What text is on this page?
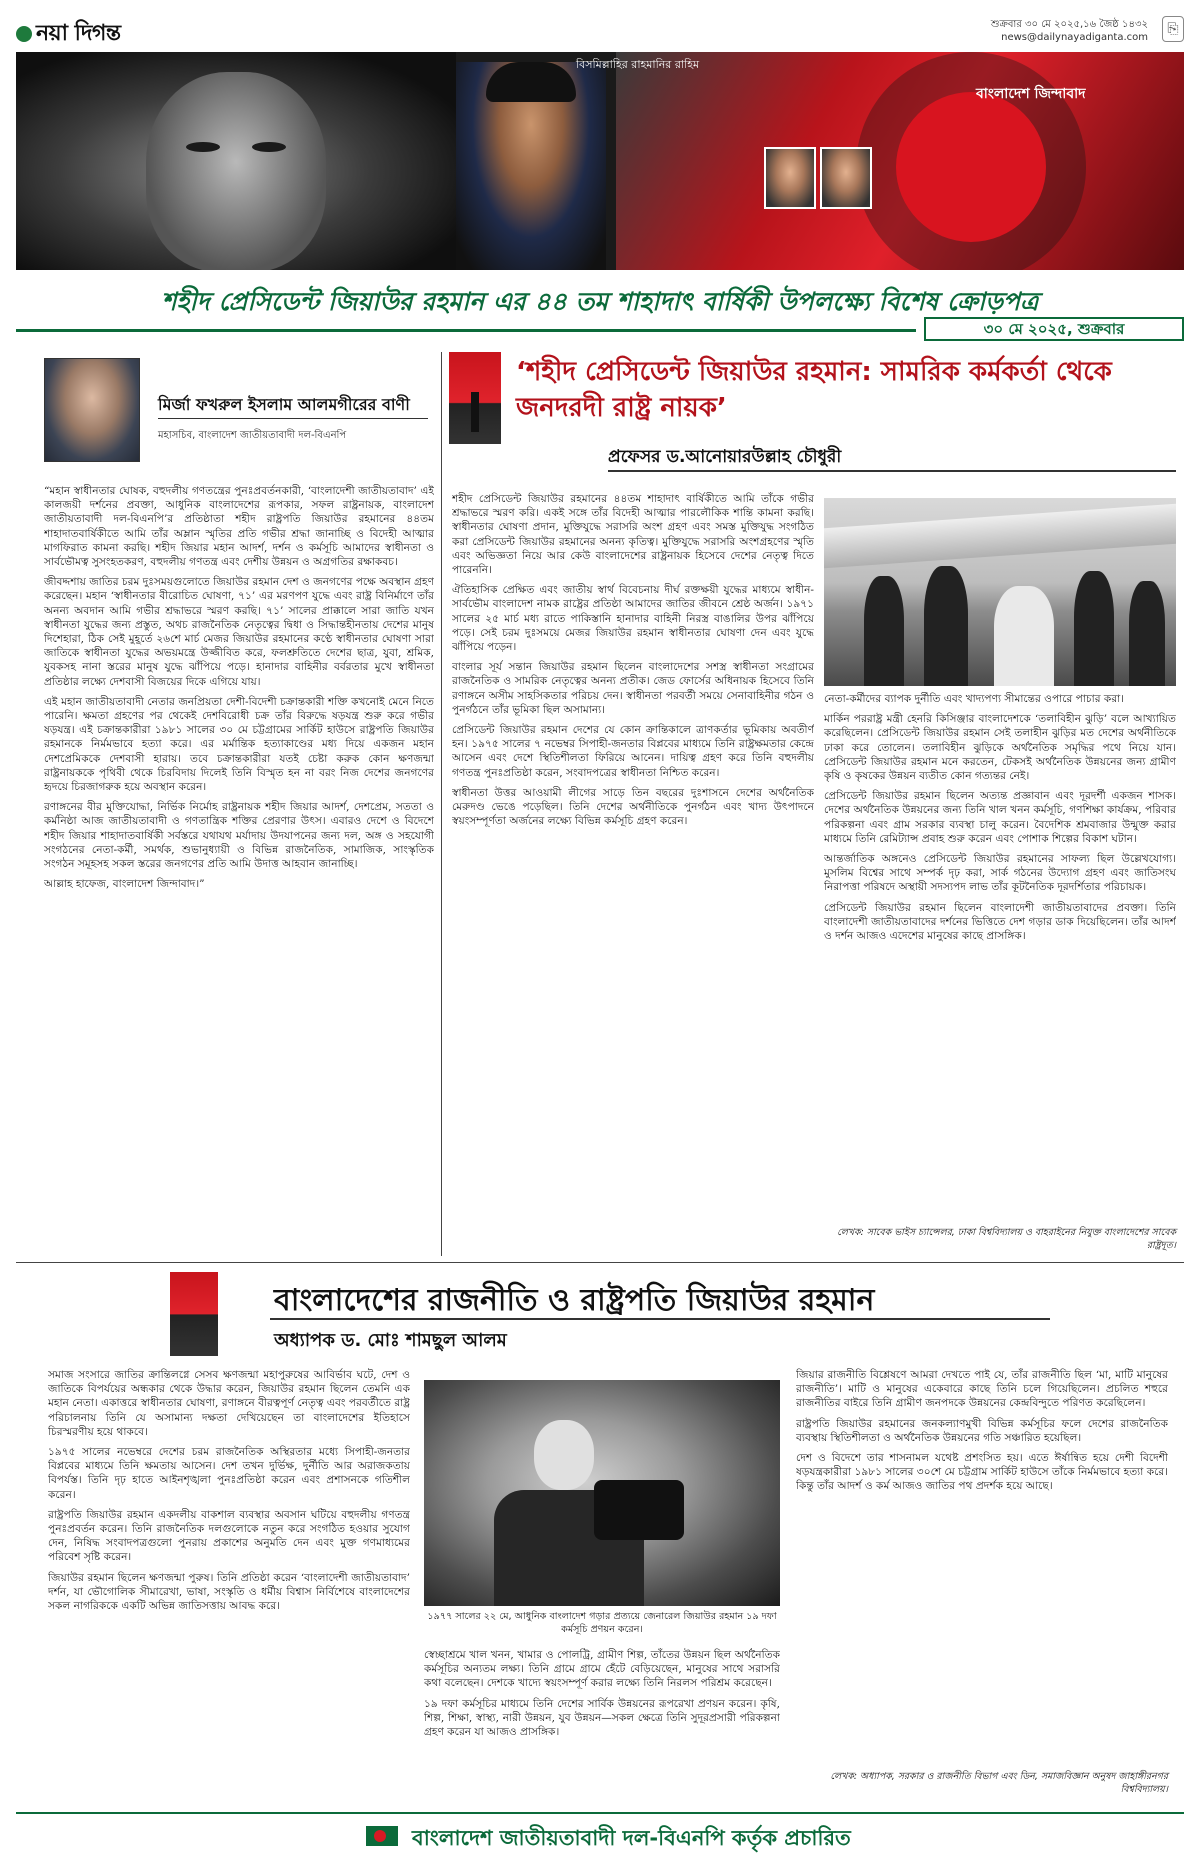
নয়া দিগন্ত	শুক্রবার ৩০ মে ২০২৫,১৬ জৈষ্ঠ ১৪৩২
news@dailynayadiganta.com
⎘
বিসমিল্লাহির রাহমানির রাহিম
বাংলাদেশ জিন্দাবাদ
শহীদ প্রেসিডেন্ট জিয়াউর রহমান এর ৪৪ তম শাহাদাৎ বার্ষিকী উপলক্ষ্যে বিশেষ ক্রোড়পত্র
৩০ মে ২০২৫, শুক্রবার
মির্জা ফখরুল ইসলাম আলমগীরের বাণী
মহাসচিব, বাংলাদেশ জাতীয়তাবাদী দল-বিএনপি

“মহান স্বাধীনতার ঘোষক, বহুদলীয় গণতন্ত্রের পুনঃপ্রবর্তনকারী, ‘বাংলাদেশী জাতীয়তাবাদ’ এই কালজয়ী দর্শনের প্রবক্তা, আধুনিক বাংলাদেশের রূপকার, সফল রাষ্ট্রনায়ক, বাংলাদেশ জাতীয়তাবাদী দল-বিএনপি’র প্রতিষ্ঠাতা শহীদ রাষ্ট্রপতি জিয়াউর রহমানের ৪৪তম শাহাদাতবার্ষিকীতে আমি তাঁর অম্লান স্মৃতির প্রতি গভীর শ্রদ্ধা জানাচ্ছি ও বিদেহী আত্মার মাগফিরাত কামনা করছি। শহীদ জিয়ার মহান আদর্শ, দর্শন ও কর্মসূচি আমাদের স্বাধীনতা ও সার্বভৌমত্ব সুসংহতকরণ, বহুদলীয় গণতন্ত্র এবং দেশীয় উন্নয়ন ও অগ্রগতির রক্ষাকবচ।

জীবদ্দশায় জাতির চরম দুঃসময়গুলোতে জিয়াউর রহমান দেশ ও জনগণের পক্ষে অবস্থান গ্রহণ করেছেন। মহান ‘স্বাধীনতার বীরোচিত ঘোষণা, ৭১’ এর মরণপণ যুদ্ধে এবং রাষ্ট্র বিনির্মাণে তাঁর অনন্য অবদান আমি গভীর শ্রদ্ধাভরে স্মরণ করছি। ৭১’ সালের প্রাক্কালে সারা জাতি যখন স্বাধীনতা যুদ্ধের জন্য প্রস্তুত, অথচ রাজনৈতিক নেতৃত্বের দ্বিধা ও সিদ্ধান্তহীনতায় দেশের মানুষ দিশেহারা, ঠিক সেই মুহূর্তে ২৬শে মার্চ মেজর জিয়াউর রহমানের কণ্ঠে স্বাধীনতার ঘোষণা সারা জাতিকে স্বাধীনতা যুদ্ধের অভয়মন্ত্রে উজ্জীবিত করে, ফলশ্রুতিতে দেশের ছাত্র, যুবা, শ্রমিক, যুবকসহ নানা স্তরের মানুষ যুদ্ধে ঝাঁপিয়ে পড়ে। হানাদার বাহিনীর বর্বরতার মুখে স্বাধীনতা প্রতিষ্ঠার লক্ষ্যে দেশবাসী বিজয়ের দিকে এগিয়ে যায়।

এই মহান জাতীয়তাবাদী নেতার জনপ্রিয়তা দেশী-বিদেশী চক্রান্তকারী শক্তি কখনোই মেনে নিতে পারেনি। ক্ষমতা গ্রহণের পর থেকেই দেশবিরোধী চক্র তাঁর বিরুদ্ধে ষড়যন্ত্র শুরু করে গভীর ষড়যন্ত্র। এই চক্রান্তকারীরা ১৯৮১ সালের ৩০ মে চট্টগ্রামের সার্কিট হাউসে রাষ্ট্রপতি জিয়াউর রহমানকে নির্মমভাবে হত্যা করে। এর মর্মান্তিক হত্যাকাণ্ডের মধ্য দিয়ে একজন মহান দেশপ্রেমিককে দেশবাসী হারায়। তবে চক্রান্তকারীরা যতই চেষ্টা করুক কোন ক্ষণজন্মা রাষ্ট্রনায়ককে পৃথিবী থেকে চিরবিদায় দিলেই তিনি বিস্মৃত হন না বরং নিজ দেশের জনগণের হৃদয়ে চিরজাগরুক হয়ে অবস্থান করেন।

রণাঙ্গনের বীর মুক্তিযোদ্ধা, নির্ভিক নির্মোহ রাষ্ট্রনায়ক শহীদ জিয়ার আদর্শ, দেশপ্রেম, সততা ও কর্মনিষ্ঠা আজ জাতীয়তাবাদী ও গণতান্ত্রিক শক্তির প্রেরণার উৎস। এবারও দেশে ও বিদেশে শহীদ জিয়ার শাহাদাতবার্ষিকী সর্বস্তরে যথাযথ মর্যাদায় উদযাপনের জন্য দল, অঙ্গ ও সহযোগী সংগঠনের নেতা-কর্মী, সমর্থক, শুভানুধ্যায়ী ও বিভিন্ন রাজনৈতিক, সামাজিক, সাংস্কৃতিক সংগঠন সমূহসহ সকল স্তরের জনগণের প্রতি আমি উদাত্ত আহবান জানাচ্ছি।

আল্লাহ হাফেজ, বাংলাদেশ জিন্দাবাদ।”

‘শহীদ প্রেসিডেন্ট জিয়াউর রহমান: সামরিক কর্মকর্তা থেকে জনদরদী রাষ্ট্র নায়ক’
প্রফেসর ড.আনোয়ারউল্লাহ চৌধুরী

শহীদ প্রেসিডেন্ট জিয়াউর রহমানের ৪৪তম শাহাদাৎ বার্ষিকীতে আমি তাঁকে গভীর শ্রদ্ধাভরে স্মরণ করি। একই সঙ্গে তাঁর বিদেহী আত্মার পারলৌকিক শান্তি কামনা করছি। স্বাধীনতার ঘোষণা প্রদান, মুক্তিযুদ্ধে সরাসরি অংশ গ্রহণ এবং সমস্ত মুক্তিযুদ্ধ সংগঠিত করা প্রেসিডেন্ট জিয়াউর রহমানের অনন্য কৃতিত্ব। মুক্তিযুদ্ধে সরাসরি অংশগ্রহণের স্মৃতি এবং অভিজ্ঞতা নিয়ে আর কেউ বাংলাদেশের রাষ্ট্রনায়ক হিসেবে দেশের নেতৃত্ব দিতে পারেননি।

ঐতিহাসিক প্রেক্ষিত এবং জাতীয় স্বার্থ বিবেচনায় দীর্ঘ রক্তক্ষয়ী যুদ্ধের মাধ্যমে স্বাধীন-সার্বভৌম বাংলাদেশ নামক রাষ্ট্রের প্রতিষ্ঠা আমাদের জাতির জীবনে শ্রেষ্ঠ অর্জন। ১৯৭১ সালের ২৫ মার্চ মধ্য রাতে পাকিস্তানি হানাদার বাহিনী নিরস্ত্র বাঙালির উপর ঝাঁপিয়ে পড়ে। সেই চরম দুঃসময়ে মেজর জিয়াউর রহমান স্বাধীনতার ঘোষণা দেন এবং যুদ্ধে ঝাঁপিয়ে পড়েন।

বাংলার সূর্য সন্তান জিয়াউর রহমান ছিলেন বাংলাদেশের সশস্ত্র স্বাধীনতা সংগ্রামের রাজনৈতিক ও সামরিক নেতৃত্বের অনন্য প্রতীক। জেড ফোর্সের অধিনায়ক হিসেবে তিনি রণাঙ্গনে অসীম সাহসিকতার পরিচয় দেন। স্বাধীনতা পরবর্তী সময়ে সেনাবাহিনীর গঠন ও পুনর্গঠনে তাঁর ভূমিকা ছিল অসামান্য।

প্রেসিডেন্ট জিয়াউর রহমান দেশের যে কোন ক্রান্তিকালে ত্রাণকর্তার ভূমিকায় অবতীর্ণ হন। ১৯৭৫ সালের ৭ নভেম্বর সিপাহী-জনতার বিপ্লবের মাধ্যমে তিনি রাষ্ট্রক্ষমতার কেন্দ্রে আসেন এবং দেশে স্থিতিশীলতা ফিরিয়ে আনেন। দায়িত্ব গ্রহণ করে তিনি বহুদলীয় গণতন্ত্র পুনঃপ্রতিষ্ঠা করেন, সংবাদপত্রের স্বাধীনতা নিশ্চিত করেন।

স্বাধীনতা উত্তর আওয়ামী লীগের সাড়ে তিন বছরের দুঃশাসনে দেশের অর্থনৈতিক মেরুদণ্ড ভেঙে পড়েছিল। তিনি দেশের অর্থনীতিকে পুনর্গঠন এবং খাদ্য উৎপাদনে স্বয়ংসম্পূর্ণতা অর্জনের লক্ষ্যে বিভিন্ন কর্মসূচি গ্রহণ করেন।

নেতা-কর্মীদের ব্যাপক দুর্নীতি এবং খাদ্যপণ্য সীমান্তের ওপারে পাচার করা।

মার্কিন পররাষ্ট্র মন্ত্রী হেনরি কিসিঞ্জার বাংলাদেশকে ‘তলাবিহীন ঝুড়ি’ বলে আখ্যায়িত করেছিলেন। প্রেসিডেন্ট জিয়াউর রহমান সেই তলাহীন ঝুড়ির মত দেশের অর্থনীতিকে ঢাকা করে তোলেন। তলাবিহীন ঝুড়িকে অর্থনৈতিক সমৃদ্ধির পথে নিয়ে যান। প্রেসিডেন্ট জিয়াউর রহমান মনে করতেন, টেকসই অর্থনৈতিক উন্নয়নের জন্য গ্রামীণ কৃষি ও কৃষকের উন্নয়ন ব্যতীত কোন গত্যন্তর নেই।

প্রেসিডেন্ট জিয়াউর রহমান ছিলেন অত্যন্ত প্রজ্ঞাবান এবং দূরদর্শী একজন শাসক। দেশের অর্থনৈতিক উন্নয়নের জন্য তিনি খাল খনন কর্মসূচি, গণশিক্ষা কার্যক্রম, পরিবার পরিকল্পনা এবং গ্রাম সরকার ব্যবস্থা চালু করেন। বৈদেশিক শ্রমবাজার উন্মুক্ত করার মাধ্যমে তিনি রেমিট্যান্স প্রবাহ শুরু করেন এবং পোশাক শিল্পের বিকাশ ঘটান।

আন্তর্জাতিক অঙ্গনেও প্রেসিডেন্ট জিয়াউর রহমানের সাফল্য ছিল উল্লেখযোগ্য। মুসলিম বিশ্বের সাথে সম্পর্ক দৃঢ় করা, সার্ক গঠনের উদ্যোগ গ্রহণ এবং জাতিসংঘ নিরাপত্তা পরিষদে অস্থায়ী সদস্যপদ লাভ তাঁর কূটনৈতিক দূরদর্শিতার পরিচায়ক।

প্রেসিডেন্ট জিয়াউর রহমান ছিলেন বাংলাদেশী জাতীয়তাবাদের প্রবক্তা। তিনি বাংলাদেশী জাতীয়তাবাদের দর্শনের ভিত্তিতে দেশ গড়ার ডাক দিয়েছিলেন। তাঁর আদর্শ ও দর্শন আজও এদেশের মানুষের কাছে প্রাসঙ্গিক।

লেখক: সাবেক ভাইস চ্যান্সেলর, ঢাকা বিশ্ববিদ্যালয় ও বাহরাইনের নিযুক্ত বাংলাদেশের সাবেক রাষ্ট্রদূত।
বাংলাদেশের রাজনীতি ও রাষ্ট্রপতি জিয়াউর রহমান
অধ্যাপক ড. মোঃ শামছুল আলম

সমাজ সংসারে জাতির ক্রান্তিলগ্নে সেসব ক্ষণজন্মা মহাপুরুষের আবির্ভাব ঘটে, দেশ ও জাতিকে বিপর্যয়ের অন্ধকার থেকে উদ্ধার করেন, জিয়াউর রহমান ছিলেন তেমনি এক মহান নেতা। একাত্তরে স্বাধীনতার ঘোষণা, রণাঙ্গনে বীরত্বপূর্ণ নেতৃত্ব এবং পরবর্তীতে রাষ্ট্র পরিচালনায় তিনি যে অসামান্য দক্ষতা দেখিয়েছেন তা বাংলাদেশের ইতিহাসে চিরস্মরণীয় হয়ে থাকবে।

১৯৭৫ সালের নভেম্বরে দেশের চরম রাজনৈতিক অস্থিরতার মধ্যে সিপাহী-জনতার বিপ্লবের মাধ্যমে তিনি ক্ষমতায় আসেন। দেশ তখন দুর্ভিক্ষ, দুর্নীতি আর অরাজকতায় বিপর্যস্ত। তিনি দৃঢ় হাতে আইনশৃঙ্খলা পুনঃপ্রতিষ্ঠা করেন এবং প্রশাসনকে গতিশীল করেন।

রাষ্ট্রপতি জিয়াউর রহমান একদলীয় বাকশাল ব্যবস্থার অবসান ঘটিয়ে বহুদলীয় গণতন্ত্র পুনঃপ্রবর্তন করেন। তিনি রাজনৈতিক দলগুলোকে নতুন করে সংগঠিত হওয়ার সুযোগ দেন, নিষিদ্ধ সংবাদপত্রগুলো পুনরায় প্রকাশের অনুমতি দেন এবং মুক্ত গণমাধ্যমের পরিবেশ সৃষ্টি করেন।

জিয়াউর রহমান ছিলেন ক্ষণজন্মা পুরুষ। তিনি প্রতিষ্ঠা করেন ‘বাংলাদেশী জাতীয়তাবাদ’ দর্শন, যা ভৌগোলিক সীমারেখা, ভাষা, সংস্কৃতি ও ধর্মীয় বিশ্বাস নির্বিশেষে বাংলাদেশের সকল নাগরিককে একটি অভিন্ন জাতিসত্তায় আবদ্ধ করে।

১৯৭৭ সালের ২২ মে, আধুনিক বাংলাদেশ গড়ার প্রত্যয়ে জেনারেল জিয়াউর রহমান ১৯ দফা কর্মসূচি প্রণয়ন করেন।

স্বেচ্ছাশ্রমে খাল খনন, খামার ও পোলট্রি, গ্রামীণ শিল্প, তাঁতের উন্নয়ন ছিল অর্থনৈতিক কর্মসূচির অন্যতম লক্ষ্য। তিনি গ্রামে গ্রামে হেঁটে বেড়িয়েছেন, মানুষের সাথে সরাসরি কথা বলেছেন। দেশকে খাদ্যে স্বয়ংসম্পূর্ণ করার লক্ষ্যে তিনি নিরলস পরিশ্রম করেছেন।

১৯ দফা কর্মসূচির মাধ্যমে তিনি দেশের সার্বিক উন্নয়নের রূপরেখা প্রণয়ন করেন। কৃষি, শিল্প, শিক্ষা, স্বাস্থ্য, নারী উন্নয়ন, যুব উন্নয়ন—সকল ক্ষেত্রে তিনি সুদূরপ্রসারী পরিকল্পনা গ্রহণ করেন যা আজও প্রাসঙ্গিক।

জিয়ার রাজনীতি বিশ্লেষণে আমরা দেখতে পাই যে, তাঁর রাজনীতি ছিল ‘মা, মাটি মানুষের রাজনীতি’। মাটি ও মানুষের একেবারে কাছে তিনি চলে গিয়েছিলেন। প্রচলিত শহুরে রাজনীতির বাইরে তিনি গ্রামীণ জনপদকে উন্নয়নের কেন্দ্রবিন্দুতে পরিণত করেছিলেন।

রাষ্ট্রপতি জিয়াউর রহমানের জনকল্যাণমুখী বিভিন্ন কর্মসূচির ফলে দেশের রাজনৈতিক ব্যবস্থায় স্থিতিশীলতা ও অর্থনৈতিক উন্নয়নের গতি সঞ্চারিত হয়েছিল।

দেশ ও বিদেশে তার শাসনামল যথেষ্ট প্রশংসিত হয়। এতে ঈর্ষান্বিত হয়ে দেশী বিদেশী ষড়যন্ত্রকারীরা ১৯৮১ সালের ৩০শে মে চট্টগ্রাম সার্কিট হাউসে তাঁকে নির্মমভাবে হত্যা করে। কিন্তু তাঁর আদর্শ ও কর্ম আজও জাতির পথ প্রদর্শক হয়ে আছে।

লেখক: অধ্যাপক, সরকার ও রাজনীতি বিভাগ এবং ডিন, সমাজবিজ্ঞান অনুষদ জাহাঙ্গীরনগর বিশ্ববিদ্যালয়।
বাংলাদেশ জাতীয়তাবাদী দল-বিএনপি কর্তৃক প্রচারিত
